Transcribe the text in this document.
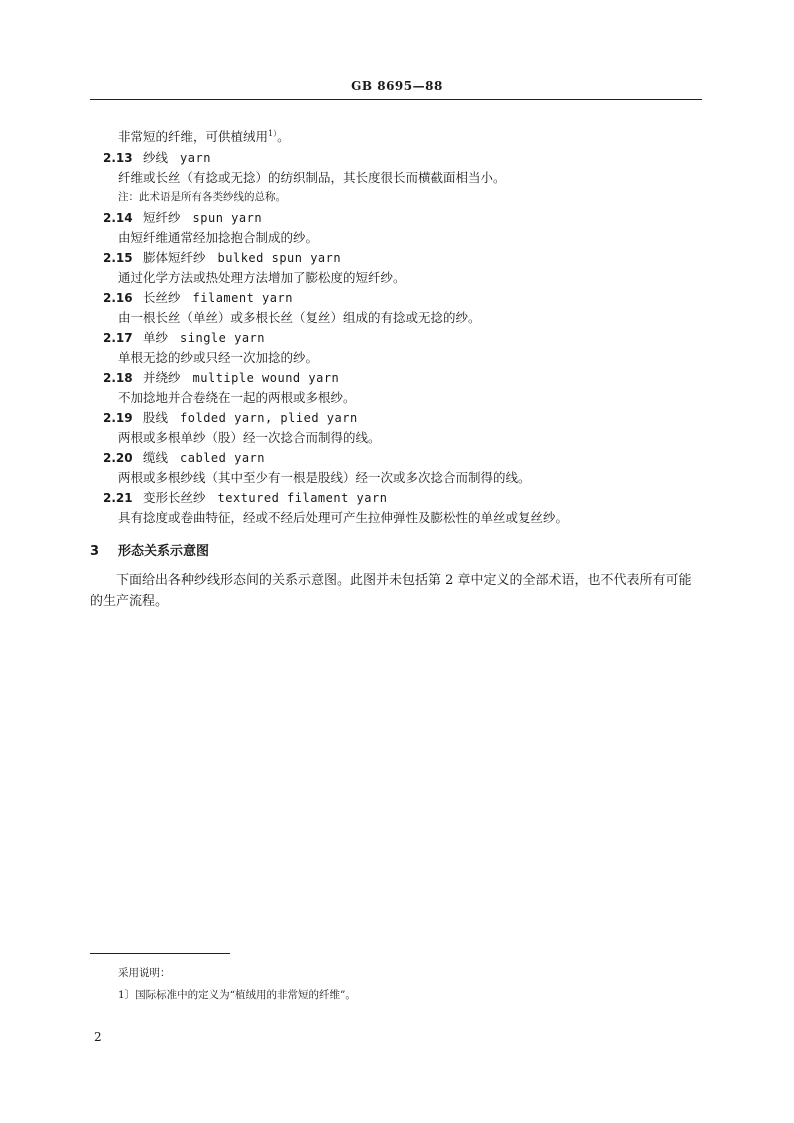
GB 8695—88
非常短的纤维，可供植绒用$^{1)}$。
2.13 纱线 yarn
纤维或长丝（有捻或无捻）的纺织制品，其长度很长而横截面相当小。
注：此术语是所有各类纱线的总称。
2.14 短纤纱 spun yarn
由短纤维通常经加捻抱合制成的纱。
2.15 膨体短纤纱 bulked spun yarn
通过化学方法或热处理方法增加了膨松度的短纤纱。
2.16 长丝纱 filament yarn
由一根长丝（单丝）或多根长丝（复丝）组成的有捻或无捻的纱。
2.17 单纱 single yarn
单根无捻的纱或只经一次加捻的纱。
2.18 并绕纱 multiple wound yarn
不加捻地并合卷绕在一起的两根或多根纱。
2.19 股线 folded yarn, plied yarn
两根或多根单纱（股）经一次捻合而制得的线。
2.20 缆线 cabled yarn
两根或多根纱线（其中至少有一根是股线）经一次或多次捻合而制得的线。
2.21 变形长丝纱 textured filament yarn
具有捻度或卷曲特征，经或不经后处理可产生拉伸弹性及膨松性的单丝或复丝纱。
3 形态关系示意图
下面给出各种纱线形态间的关系示意图。此图并未包括第 2 章中定义的全部术语，也不代表所有可能的生产流程。
采用说明：
1〕国际标准中的定义为“植绒用的非常短的纤维”。
2
